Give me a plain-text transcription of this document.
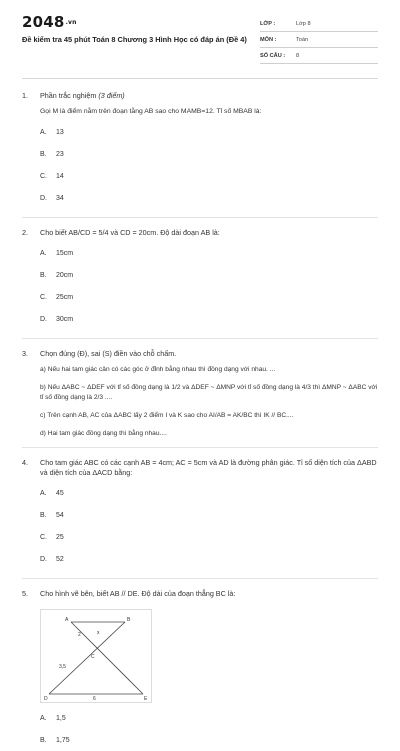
2048.vn
Đề kiểm tra 45 phút Toán 8 Chương 3 Hình Học có đáp án (Đề 4)
LỚP :	Lớp 8
MÔN :	Toán
SỐ CÂU :	8
1.	Phần trắc nghiệm (3 điểm)
Gọi M là điểm nằm trên đoạn tằng AB sao cho MAMB=12. Tỉ số MBAB là:
A.	13
B.	23
C.	14
D.	34
2.	Cho biết AB/CD = 5/4 và CD = 20cm. Độ dài đoạn AB là:
A.	15cm
B.	20cm
C.	25cm
D.	30cm
3.	Chọn đúng (Đ), sai (S) điền vào chỗ chấm.
a) Nếu hai tam giác cân có các góc ở đỉnh bằng nhau thì đồng dạng với nhau. ...
b) Nếu ΔABC ~ ΔDEF với tỉ số đồng dạng là 1/2 và ΔDEF ~ ΔMNP với tỉ số đồng dạng là 4/3 thì ΔMNP ~ ΔABC với tỉ số đồng dạng là 2/3 ....
c) Trên cạnh AB, AC của ΔABC lấy 2 điểm I và K sao cho AI/AB = AK/BC thì IK // BC....
d) Hai tam giác đồng dạng thì bằng nhau....
4.	Cho tam giác ABC có các cạnh AB = 4cm; AC = 5cm và AD là đường phân giác. Tỉ số diện tích của ΔABD và diện tích của ΔACD bằng:
A.	45
B.	54
C.	25
D.	52
5.	Cho hình vẽ bên, biết AB // DE. Độ dài của đoạn thẳng BC là:
A	B
C
D	E
x
2
3,5
6
A.	1,5
B.	1,75
